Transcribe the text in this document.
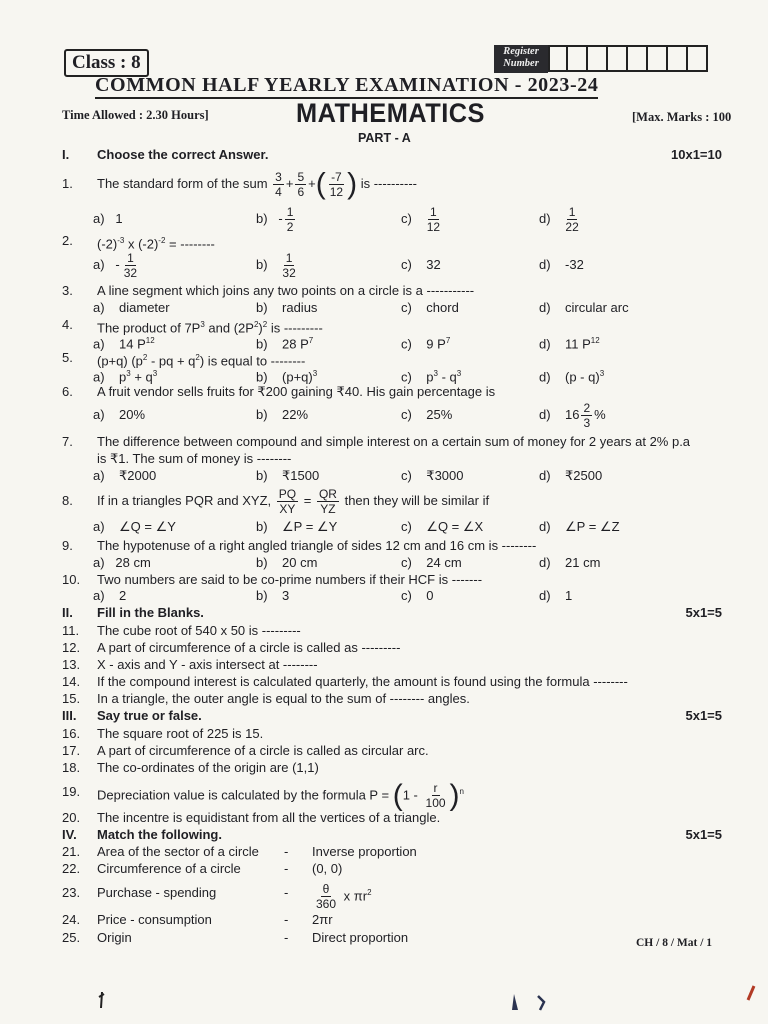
Class : 8
Register
Number
COMMON HALF YEARLY EXAMINATION - 2023-24
Time Allowed : 2.30 Hours]	MATHEMATICS	[Max. Marks : 100
PART - A
I. Choose the correct Answer.	10x1=10
1. The standard form of the sum $\frac{3}{4} + \frac{5}{6}$ +( $\frac{-7}{12}$ ) is ----------
a) 1	$b) - \frac{1}{2}$	$c) \frac{1}{12}$	$d) \frac{1}{22}$
2. $(-2)^{-3}$ x $(-2)^{-2}$ = --------
$a) - \frac{1}{32}$	$b) \frac{1}{32}$	c) 32	d) -32
3. A line segment which joins any two points on a circle is a -----------
a) diameter	b) radius	c) chord	d) circular arc
4. The product of $7P^3$ and $(2P^2)^2$ is ---------
a) 14 $P^{12}$	b) 28 $P^7$	c) 9 $P^7$	d) 11 $P^{12}$
5. (p+q) ($p^2$ - pq + $q^2$) is equal to --------
a) $p^3 + q^3$	b) $(p+q)^3$	c) $p^3 - q^3$	d) (p - q)$^3$
6. A fruit vendor sells fruits for ₹200 gaining ₹40. His gain percentage is
a) 20%	b) 22%	c) 25%	d) $16 \frac{2}{3}$ %
7. The difference between compound and simple interest on a certain sum of money for 2 years at 2% p.a
is ₹1. The sum of money is --------
a) ₹2000	b) ₹1500	c) ₹3000	d) ₹2500
8. If in a triangles PQR and XYZ, $\frac{PQ}{XY} = \frac{QR}{YZ}$ then they will be similar if
a) ∠Q = ∠Y	b) ∠P = ∠Y	c) ∠Q = ∠X	d) ∠P = ∠Z
9. The hypotenuse of a right angled triangle of sides 12 cm and 16 cm is --------
a) 28 cm	b) 20 cm	c) 24 cm	d) 21 cm
10. Two numbers are said to be co-prime numbers if their HCF is -------
a) 2	b) 3	c) 0	d) 1
II. Fill in the Blanks.	5x1=5
11. The cube root of 540 x 50 is ---------
12. A part of circumference of a circle is called as ---------
13. X - axis and Y - axis intersect at --------
14. If the compound interest is calculated quarterly, the amount is found using the formula --------
15. In a triangle, the outer angle is equal to the sum of -------- angles.
III. Say true or false.	5x1=5
16. The square root of 225 is 15.
17. A part of circumference of a circle is called as circular arc.
18. The co-ordinates of the origin are (1,1)
19. Depreciation value is calculated by the formula $P = (1 - \frac{r}{100} )^n$
20. The incentre is equidistant from all the vertices of a triangle.
IV. Match the following.	5x1=5
21. Area of the sector of a circle - Inverse proportion
22. Circumference of a circle	- (0, 0)
23. Purchase - spending	- $\frac{\theta}{360}$ x $\pi r^2$
24. Price - consumption	- 2πr
25. Origin	- Direct proportion	CH / 8 / Mat / 1
